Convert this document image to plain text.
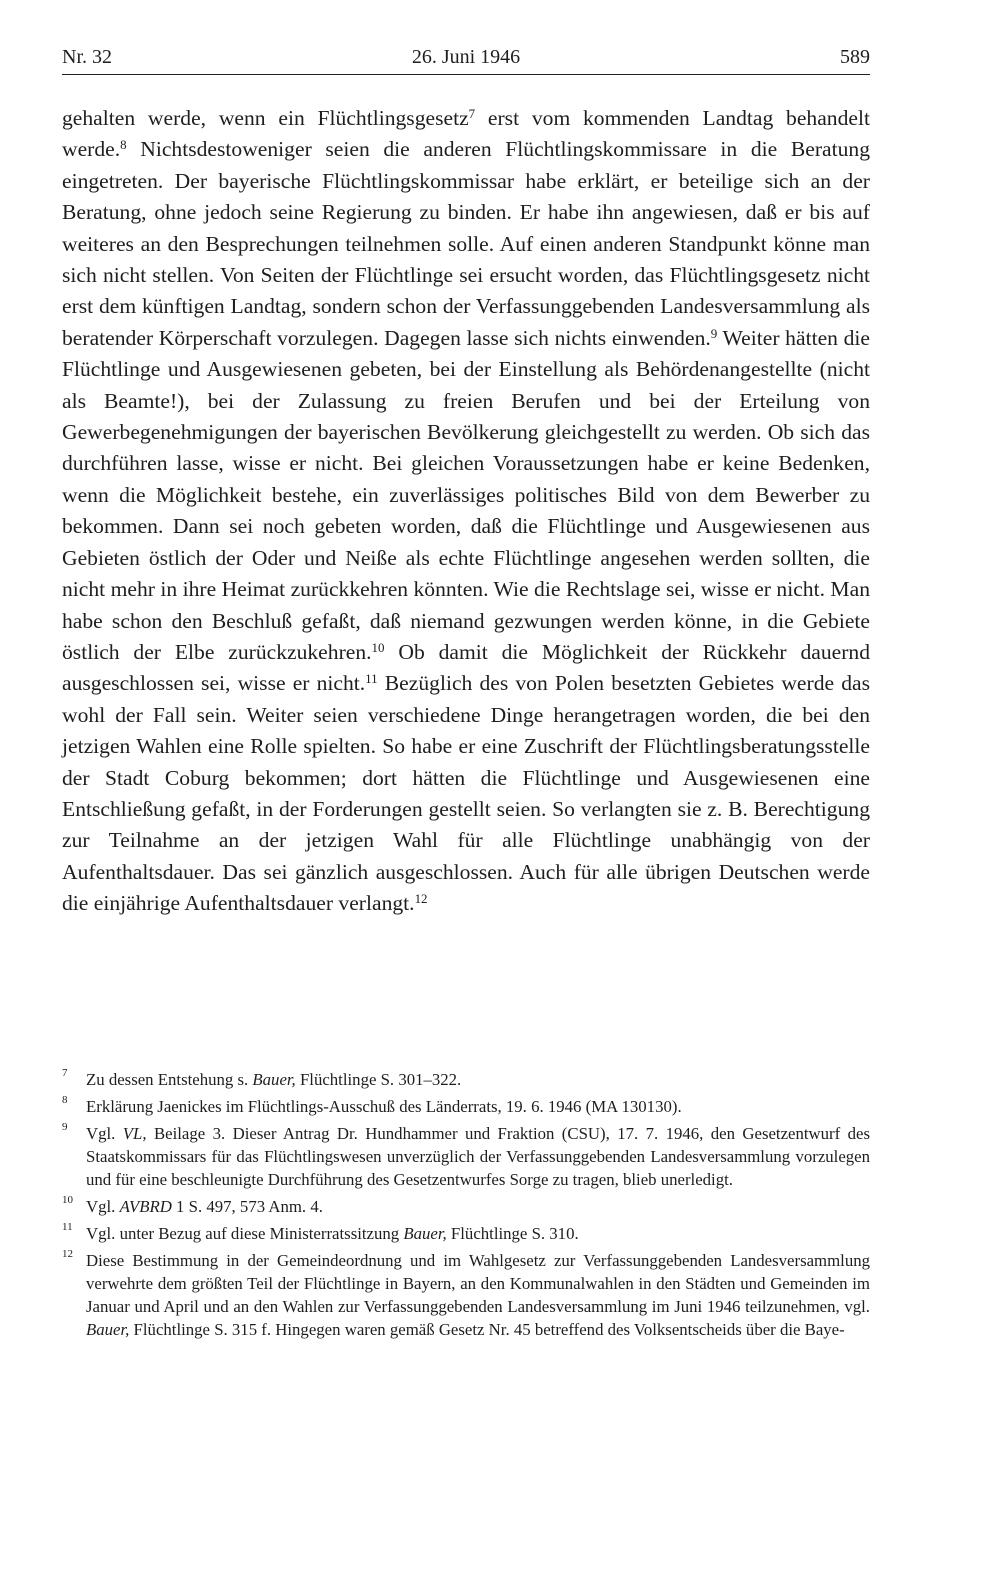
Nr. 32	26. Juni 1946	589

gehalten werde, wenn ein Flüchtlingsgesetz$^7$ erst vom kommenden Landtag behandelt werde.$^8$ Nichtsdestoweniger seien die anderen Flüchtlingskommissare in die Beratung eingetreten. Der bayerische Flüchtlingskommissar habe erklärt, er beteilige sich an der Beratung, ohne jedoch seine Regierung zu binden. Er habe ihn angewiesen, daß er bis auf weiteres an den Besprechungen teilnehmen solle. Auf einen anderen Standpunkt könne man sich nicht stellen. Von Seiten der Flüchtlinge sei ersucht worden, das Flüchtlingsgesetz nicht erst dem künftigen Landtag, sondern schon der Verfassunggebenden Landesversammlung als beratender Körperschaft vorzulegen. Dagegen lasse sich nichts einwenden.$^9$ Weiter hätten die Flüchtlinge und Ausgewiesenen gebeten, bei der Einstellung als Behördenangestellte (nicht als Beamte!), bei der Zulassung zu freien Berufen und bei der Erteilung von Gewerbegenehmigungen der bayerischen Bevölkerung gleichgestellt zu werden. Ob sich das durchführen lasse, wisse er nicht. Bei gleichen Voraussetzungen habe er keine Bedenken, wenn die Möglichkeit bestehe, ein zuverlässiges politisches Bild von dem Bewerber zu bekommen. Dann sei noch gebeten worden, daß die Flüchtlinge und Ausgewiesenen aus Gebieten östlich der Oder und Neiße als echte Flüchtlinge angesehen werden sollten, die nicht mehr in ihre Heimat zurückkehren könnten. Wie die Rechtslage sei, wisse er nicht. Man habe schon den Beschluß gefaßt, daß niemand gezwungen werden könne, in die Gebiete östlich der Elbe zurückzukehren.$^{10}$ Ob damit die Möglichkeit der Rückkehr dauernd ausgeschlossen sei, wisse er nicht.$^{11}$ Bezüglich des von Polen besetzten Gebietes werde das wohl der Fall sein. Weiter seien verschiedene Dinge herangetragen worden, die bei den jetzigen Wahlen eine Rolle spielten. So habe er eine Zuschrift der Flüchtlingsberatungsstelle der Stadt Coburg bekommen; dort hätten die Flüchtlinge und Ausgewiesenen eine Entschließung gefaßt, in der Forderungen gestellt seien. So verlangten sie z. B. Berechtigung zur Teilnahme an der jetzigen Wahl für alle Flüchtlinge unabhängig von der Aufenthaltsdauer. Das sei gänzlich ausgeschlossen. Auch für alle übrigen Deutschen werde die einjährige Aufenthaltsdauer verlangt.$^{12}$

7 Zu dessen Entstehung s. Bauer, Flüchtlinge S. 301–322.
8 Erklärung Jaenickes im Flüchtlings-Ausschuß des Länderrats, 19. 6. 1946 (MA 130130).
9 Vgl. VL, Beilage 3. Dieser Antrag Dr. Hundhammer und Fraktion (CSU), 17. 7. 1946, den Gesetzentwurf des Staatskommissars für das Flüchtlingswesen unverzüglich der Verfassunggebenden Landesversammlung vorzulegen und für eine beschleunigte Durchführung des Gesetzentwurfes Sorge zu tragen, blieb unerledigt.
10 Vgl. AVBRD 1 S. 497, 573 Anm. 4.
11 Vgl. unter Bezug auf diese Ministerratssitzung Bauer, Flüchtlinge S. 310.
12 Diese Bestimmung in der Gemeindeordnung und im Wahlgesetz zur Verfassunggebenden Landesversammlung verwehrte dem größten Teil der Flüchtlinge in Bayern, an den Kommunalwahlen in den Städten und Gemeinden im Januar und April und an den Wahlen zur Verfassunggebenden Landesversammlung im Juni 1946 teilzunehmen, vgl. Bauer, Flüchtlinge S. 315 f. Hingegen waren gemäß Gesetz Nr. 45 betreffend des Volksentscheids über die Baye-
